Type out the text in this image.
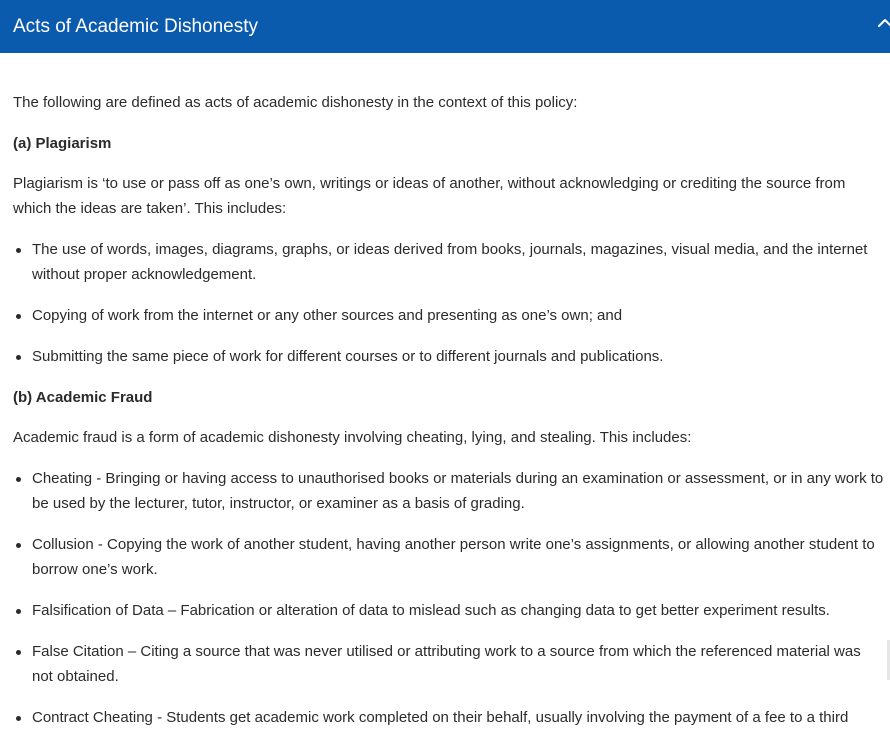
Acts of Academic Dishonesty

The following are defined as acts of academic dishonesty in the context of this policy:

(a) Plagiarism

Plagiarism is ‘to use or pass off as one’s own, writings or ideas of another, without acknowledging or crediting the source from which the ideas are taken’. This includes:

The use of words, images, diagrams, graphs, or ideas derived from books, journals, magazines, visual media, and the internet without proper acknowledgement.
Copying of work from the internet or any other sources and presenting as one’s own; and
Submitting the same piece of work for different courses or to different journals and publications.

(b) Academic Fraud

Academic fraud is a form of academic dishonesty involving cheating, lying, and stealing. This includes:

Cheating - Bringing or having access to unauthorised books or materials during an examination or assessment, or in any work to be used by the lecturer, tutor, instructor, or examiner as a basis of grading.
Collusion - Copying the work of another student, having another person write one’s assignments, or allowing another student to borrow one’s work.
Falsification of Data – Fabrication or alteration of data to mislead such as changing data to get better experiment results.
False Citation – Citing a source that was never utilised or attributing work to a source from which the referenced material was not obtained.
Contract Cheating - Students get academic work completed on their behalf, usually involving the payment of a fee to a third
